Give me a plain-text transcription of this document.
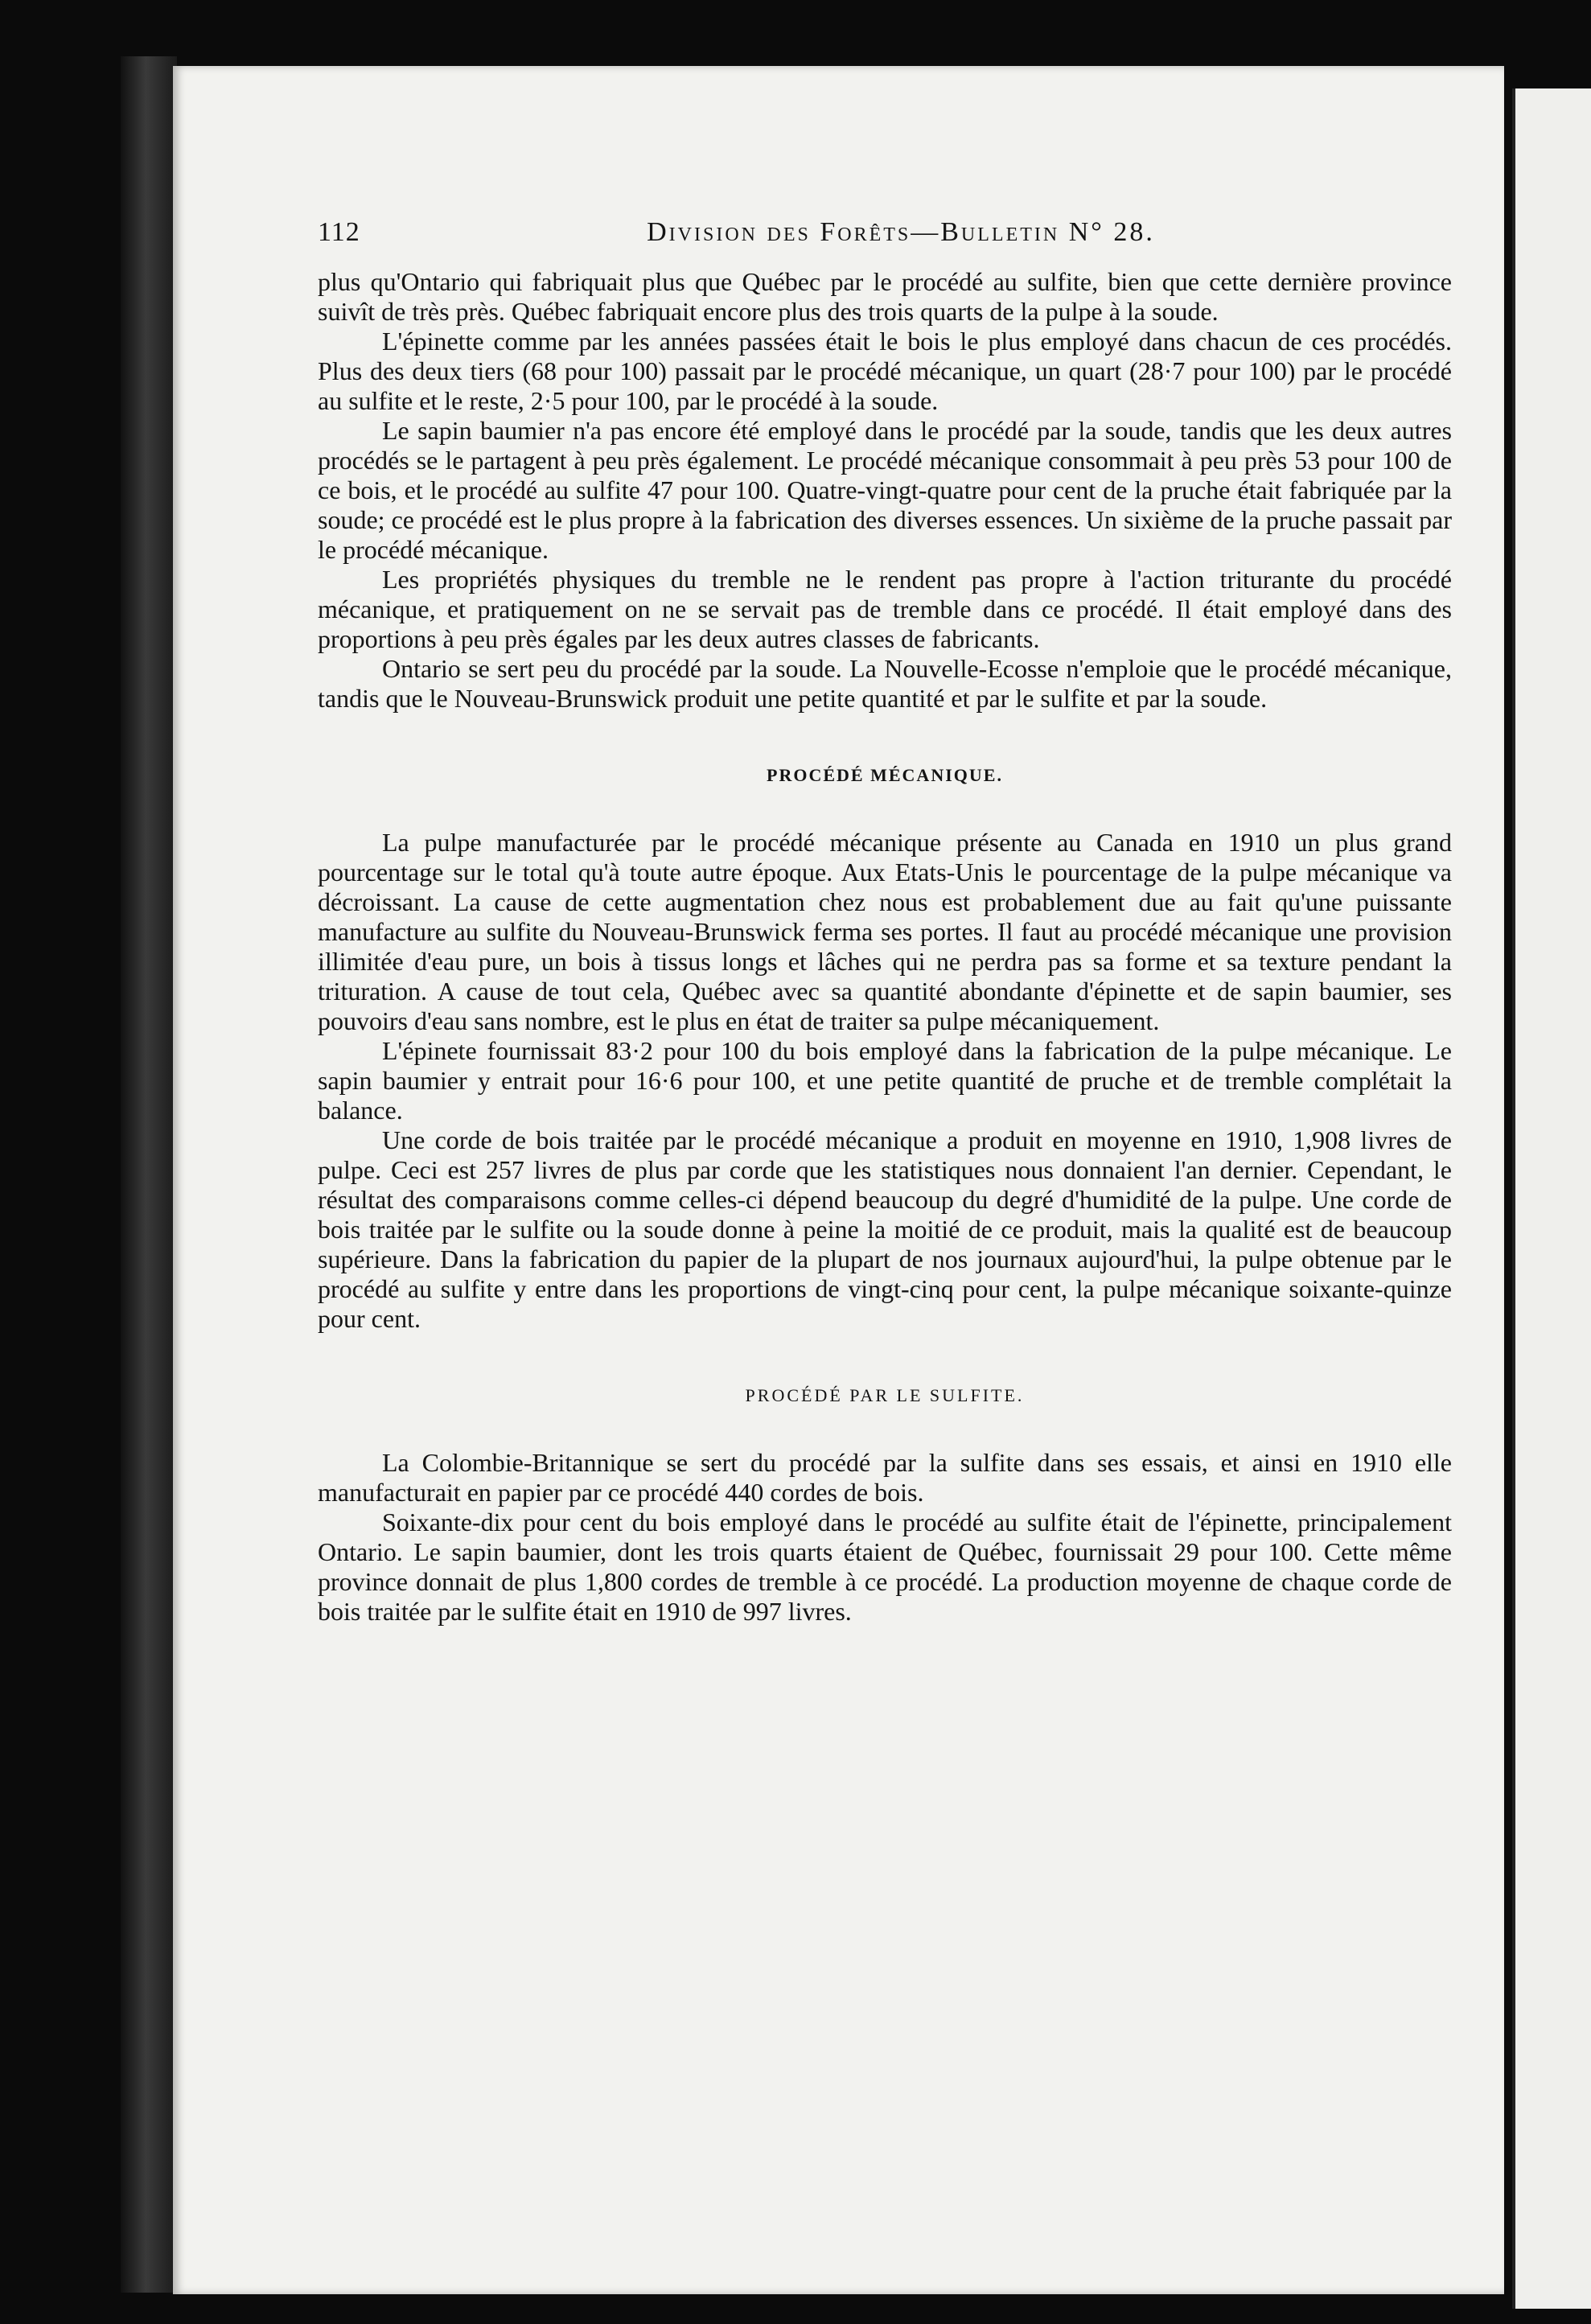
112	Division des Forêts—Bulletin N° 28.

plus qu'Ontario qui fabriquait plus que Québec par le procédé au sulfite, bien que cette dernière province suivît de très près. Québec fabriquait encore plus des trois quarts de la pulpe à la soude.

L'épinette comme par les années passées était le bois le plus employé dans chacun de ces procédés. Plus des deux tiers (68 pour 100) passait par le procédé mécanique, un quart (28·7 pour 100) par le procédé au sulfite et le reste, 2·5 pour 100, par le procédé à la soude.

Le sapin baumier n'a pas encore été employé dans le procédé par la soude, tandis que les deux autres procédés se le partagent à peu près également. Le procédé mécanique consommait à peu près 53 pour 100 de ce bois, et le procédé au sulfite 47 pour 100. Quatre-vingt-quatre pour cent de la pruche était fabriquée par la soude; ce procédé est le plus propre à la fabrication des diverses essences. Un sixième de la pruche passait par le procédé mécanique.

Les propriétés physiques du tremble ne le rendent pas propre à l'action triturante du procédé mécanique, et pratiquement on ne se servait pas de tremble dans ce procédé. Il était employé dans des proportions à peu près égales par les deux autres classes de fabricants.

Ontario se sert peu du procédé par la soude. La Nouvelle-Ecosse n'emploie que le procédé mécanique, tandis que le Nouveau-Brunswick produit une petite quantité et par le sulfite et par la soude.

PROCÉDÉ MÉCANIQUE.

La pulpe manufacturée par le procédé mécanique présente au Canada en 1910 un plus grand pourcentage sur le total qu'à toute autre époque. Aux Etats-Unis le pourcentage de la pulpe mécanique va décroissant. La cause de cette augmentation chez nous est probablement due au fait qu'une puissante manufacture au sulfite du Nouveau-Brunswick ferma ses portes. Il faut au procédé mécanique une provision illimitée d'eau pure, un bois à tissus longs et lâches qui ne perdra pas sa forme et sa texture pendant la trituration. A cause de tout cela, Québec avec sa quantité abondante d'épinette et de sapin baumier, ses pouvoirs d'eau sans nombre, est le plus en état de traiter sa pulpe mécaniquement.

L'épinete fournissait 83·2 pour 100 du bois employé dans la fabrication de la pulpe mécanique. Le sapin baumier y entrait pour 16·6 pour 100, et une petite quantité de pruche et de tremble complétait la balance.

Une corde de bois traitée par le procédé mécanique a produit en moyenne en 1910, 1,908 livres de pulpe. Ceci est 257 livres de plus par corde que les statistiques nous donnaient l'an dernier. Cependant, le résultat des comparaisons comme celles-ci dépend beaucoup du degré d'humidité de la pulpe. Une corde de bois traitée par le sulfite ou la soude donne à peine la moitié de ce produit, mais la qualité est de beaucoup supérieure. Dans la fabrication du papier de la plupart de nos journaux aujourd'hui, la pulpe obtenue par le procédé au sulfite y entre dans les proportions de vingt-cinq pour cent, la pulpe mécanique soixante-quinze pour cent.

PROCÉDÉ PAR LE SULFITE.

La Colombie-Britannique se sert du procédé par la sulfite dans ses essais, et ainsi en 1910 elle manufacturait en papier par ce procédé 440 cordes de bois.

Soixante-dix pour cent du bois employé dans le procédé au sulfite était de l'épinette, principalement Ontario. Le sapin baumier, dont les trois quarts étaient de Québec, fournissait 29 pour 100. Cette même province donnait de plus 1,800 cordes de tremble à ce procédé. La production moyenne de chaque corde de bois traitée par le sulfite était en 1910 de 997 livres.
